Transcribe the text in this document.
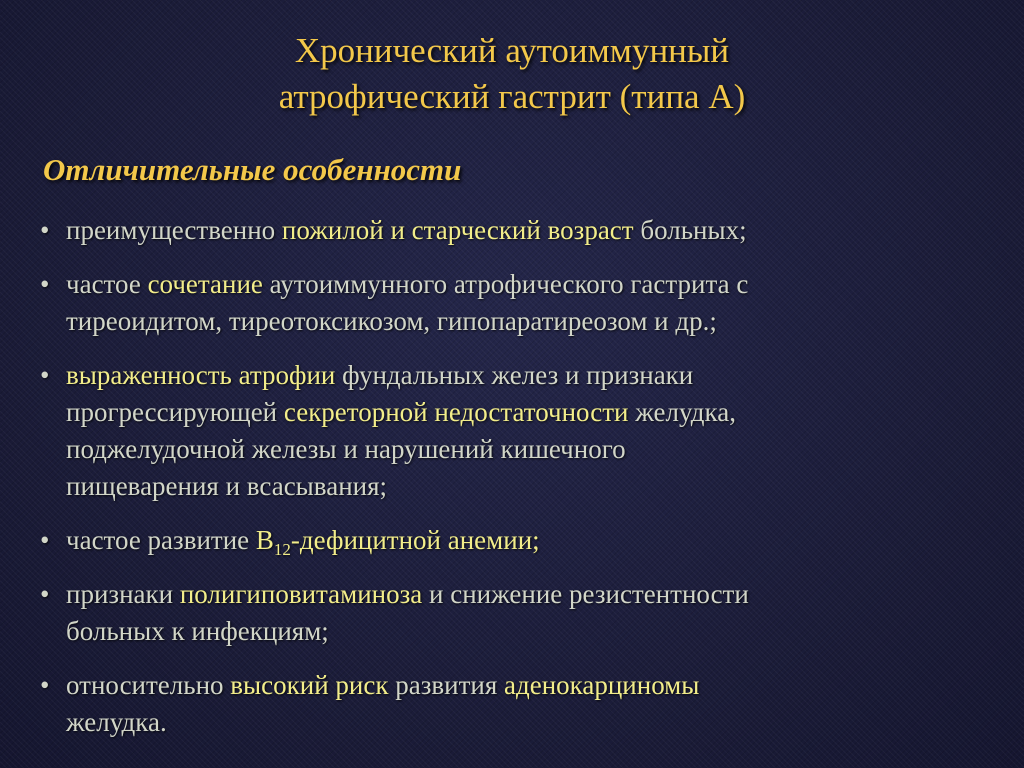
Хронический аутоиммунный
атрофический гастрит (типа А)
Отличительные особенности
• преимущественно пожилой и старческий возраст больных;
• частое сочетание аутоиммунного атрофического гастрита с
тиреоидитом, тиреотоксикозом, гипопаратиреозом и др.;
• выраженность атрофии фундальных желез и признаки
прогрессирующей секреторной недостаточности желудка,
поджелудочной железы и нарушений кишечного
пищеварения и всасывания;
• частое развитие $B_{12}$-дефицитной анемии;
• признаки полигиповитаминоза и снижение резистентности
больных к инфекциям;
• относительно высокий риск развития аденокарциномы
желудка.
